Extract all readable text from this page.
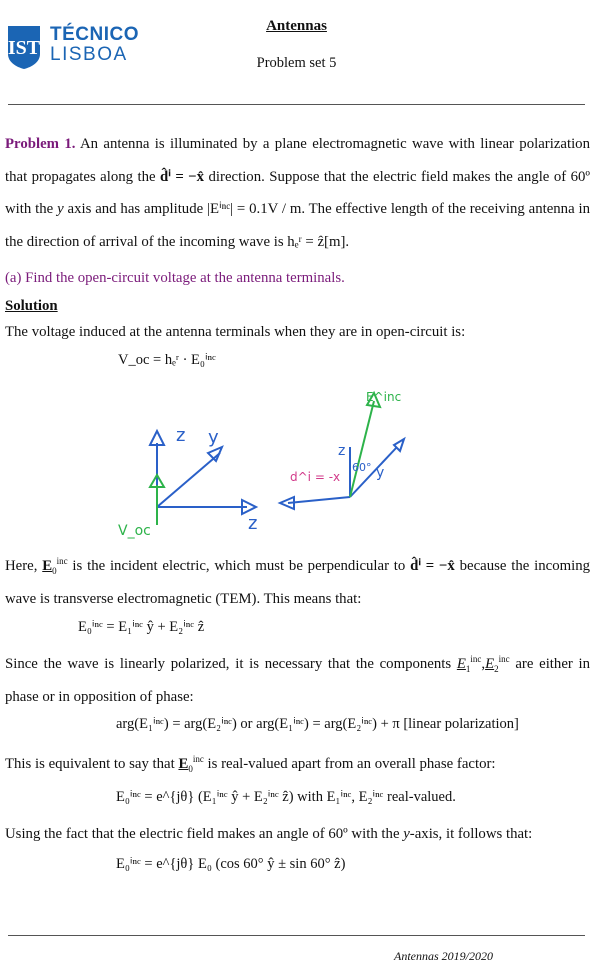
IST
TÉCNICO
LISBOA
Antennas
Problem set 5
Problem 1. An antenna is illuminated by a plane electromagnetic wave with linear polarization that propagates along the d̂ⁱ = −x̂ direction. Suppose that the electric field makes the angle of 60º with the y axis and has amplitude |Eⁱⁿᶜ| = 0.1V / m. The effective length of the receiving antenna in the direction of arrival of the incoming wave is hₑʳ = ẑ[m].
(a) Find the open-circuit voltage at the antenna terminals.
Solution
The voltage induced at the antenna terminals when they are in open-circuit is:
V_oc = hₑʳ · E₀ⁱⁿᶜ
z y
z
V_oc
E^inc
z
d^i = -x
60° y
Here, $E_0^{inc}$ is the incident electric, which must be perpendicular to d̂ⁱ = −x̂ because the incoming wave is transverse electromagnetic (TEM). This means that:
E₀ⁱⁿᶜ = E₁ⁱⁿᶜ ŷ + E₂ⁱⁿᶜ ẑ
Since the wave is linearly polarized, it is necessary that the components $E_1^{inc},E_2^{inc}$ are either in phase or in opposition of phase:
arg(E₁ⁱⁿᶜ) = arg(E₂ⁱⁿᶜ) or arg(E₁ⁱⁿᶜ) = arg(E₂ⁱⁿᶜ) + π [linear polarization]
This is equivalent to say that $E_0^{inc}$ is real-valued apart from an overall phase factor:
E₀ⁱⁿᶜ = e^{jθ} (E₁ⁱⁿᶜ ŷ + E₂ⁱⁿᶜ ẑ) with E₁ⁱⁿᶜ, E₂ⁱⁿᶜ real-valued.
Using the fact that the electric field makes an angle of 60º with the y-axis, it follows that:
E₀ⁱⁿᶜ = e^{jθ} E₀ (cos 60° ŷ ± sin 60° ẑ)
Antennas 2019/2020
